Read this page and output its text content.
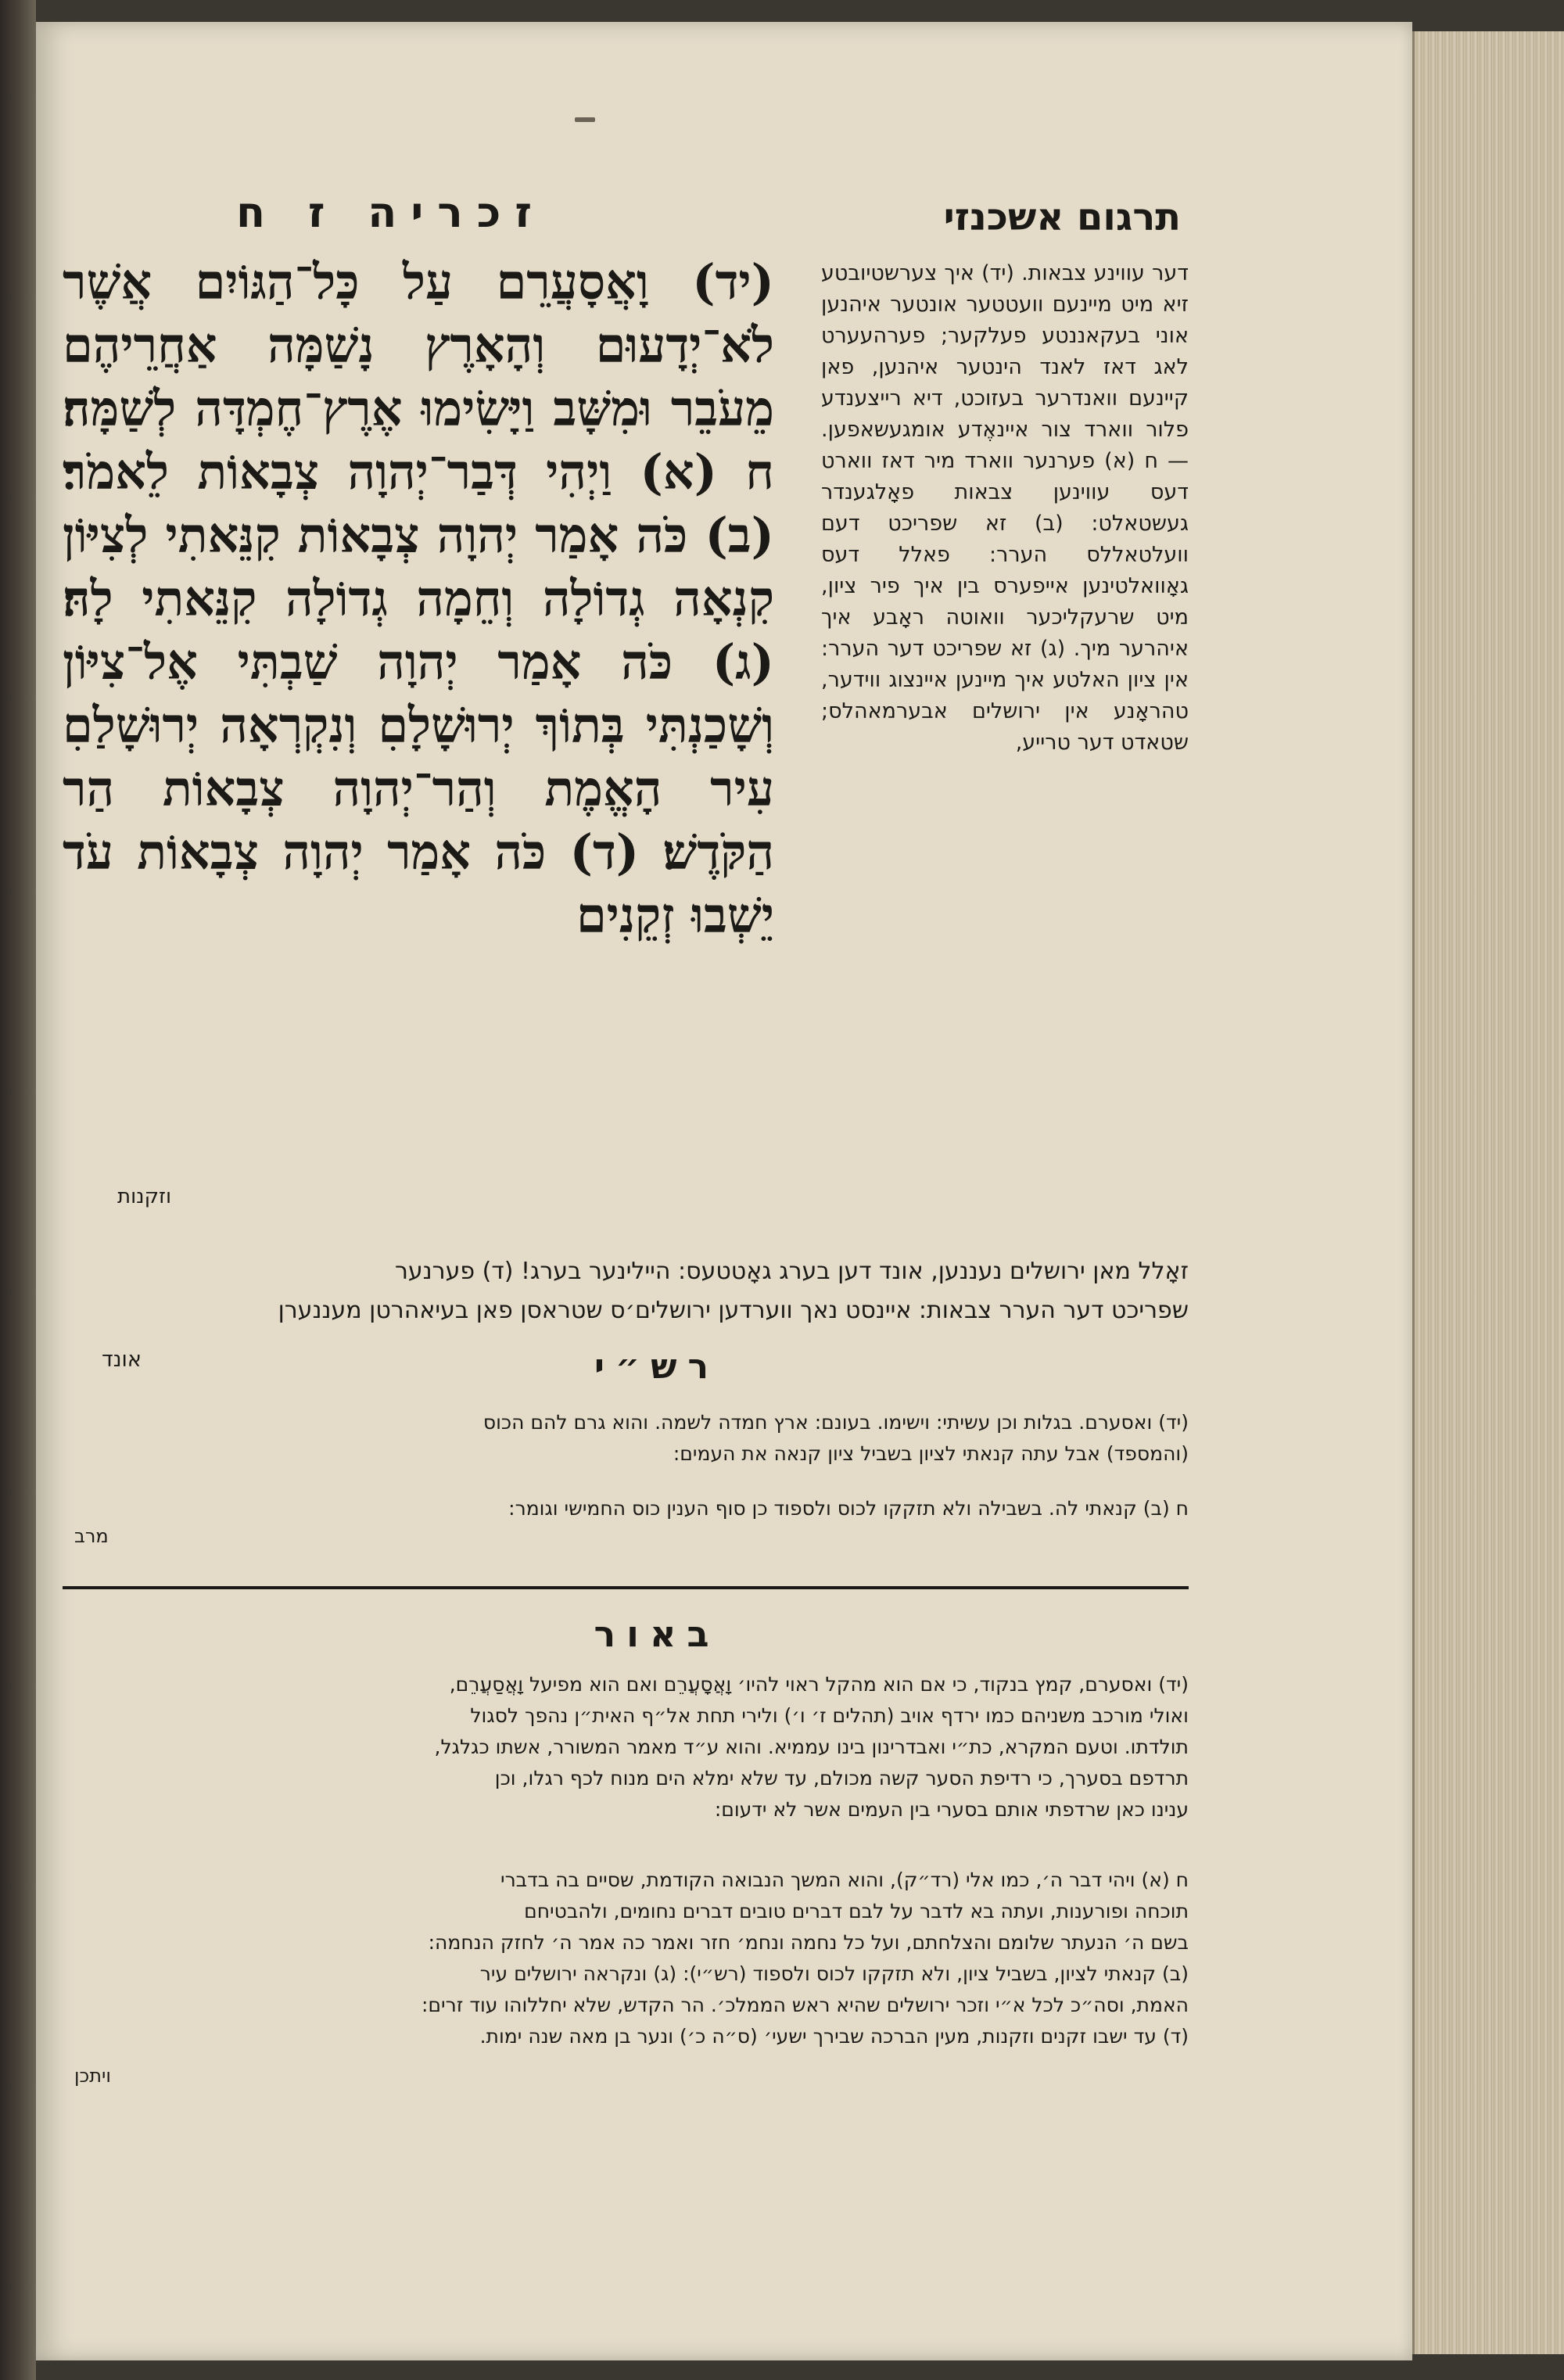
תרגום אשכנזי
זכריה ז ח

(יד) וָאֲסָעֲרֵם עַל כָּל־הַגּוֹיִם אֲשֶׁר לֹא־יְדָעוּם וְהָאָרֶץ נָשַׁמָּה אַחֲרֵיהֶם מֵעֹבֵר וּמִשָּׁב וַיָּשִׂימוּ אֶרֶץ־חֶמְדָּה לְשַׁמָּה׃ ח (א) וַיְהִי דְּבַר־יְהוָה צְבָאוֹת לֵאמֹר׃ (ב) כֹּה אָמַר יְהוָה צְבָאוֹת קִנֵּאתִי לְצִיּוֹן קִנְאָה גְדוֹלָה וְחֵמָה גְדוֹלָה קִנֵּאתִי לָהּ׃ (ג) כֹּה אָמַר יְהוָה שַׁבְתִּי אֶל־צִיּוֹן וְשָׁכַנְתִּי בְּתוֹךְ יְרוּשָׁלָםִ וְנִקְרְאָה יְרוּשָׁלַםִ עִיר הָאֱמֶת וְהַר־יְהוָה צְבָאוֹת הַר הַקֹּדֶשׁ׃ (ד) כֹּה אָמַר יְהוָה צְבָאוֹת עֹד יֵשְׁבוּ זְקֵנִים

וזקנות

דער עווינע צבאות. (יד) איך צערשטיובטע זיא מיט מיינעם וועטטער אונטער איהנען אוני בעקאננטע פעלקער; פערהעערט לאג דאז לאנד הינטער איהנען, פאן קיינעם וואנדרער בעזוכט, דיא רייצענדע פלור ווארד צור איינאֶדע אומגעשאפען. — ח (א) פערנער ווארד מיר דאז ווארט דעס עווינען צבאות פאָלגענדר געשטאלט: (ב) זא שפריכט דעם וועלטאללס הערר: פאלל דעס גאָוואלטינען אייפערס בין איך פיר ציון, מיט שרעקליכער וואוטה ראָבע איך איהרער מיך. (ג) זא שפריכט דער הערר: אין ציון האלטע איך מיינען איינצוג ווידער, טהראָנע אין ירושלים אבערמאהלס; שטאדט דער טרייע,

זאָלל מאן ירושלים נעננען, אונד דען בערג גאָטטעס: היילינער בערג! (ד) פערנער
שפריכט דער הערר צבאות: איינסט נאך ווערדען ירושלים׳ס שטראסן פאן בעיאהרטן מעננערן
אונד	רש״י

(יד) ואסערם. בגלות וכן עשיתי: וישימו. בעונם: ארץ חמדה לשמה. והוא גרם להם הכוס

(והמספד) אבל עתה קנאתי לציון בשביל ציון קנאה את העמים:

ח (ב) קנאתי לה. בשבילה ולא תזקקו לכוס ולספוד כן סוף הענין כוס החמישי וגומר:

מרב
באור

(יד) ואסערם, קמץ בנקוד, כי אם הוא מהקל ראוי להיו׳ וָאֲסָעֲרֵם ואם הוא מפיעל וָאֲסַעֲרֵם,

ואולי מורכב משניהם כמו ירדף אויב (תהלים ז׳ ו׳) ולירי תחת אל״ף האית״ן נהפך לסגול

תולדתו. וטעם המקרא, כת״י ואבדרינון בינו עממיא. והוא ע״ד מאמר המשורר, אשתו כגלגל,

תרדפם בסערך, כי רדיפת הסער קשה מכולם, עד שלא ימלא הים מנוח לכף רגלו, וכן

ענינו כאן שרדפתי אותם בסערי בין העמים אשר לא ידעום:

ח (א) ויהי דבר ה׳, כמו אלי (רד״ק), והוא המשך הנבואה הקודמת, שסיים בה בדברי

תוכחה ופורענות, ועתה בא לדבר על לבם דברים טובים דברים נחומים, ולהבטיחם

בשם ה׳ הנעתר שלומם והצלחתם, ועל כל נחמה ונחמ׳ חזר ואמר כה אמר ה׳ לחזק הנחמה:

(ב) קנאתי לציון, בשביל ציון, ולא תזקקו לכוס ולספוד (רש״י): (ג) ונקראה ירושלים עיר

האמת, וסה״כ לכל א״י וזכר ירושלים שהיא ראש הממלכ׳. הר הקדש, שלא יחללוהו עוד זרים:

(ד) עד ישבו זקנים וזקנות, מעין הברכה שבירך ישעי׳ (ס״ה כ׳) ונער בן מאה שנה ימות.

ויתכן
